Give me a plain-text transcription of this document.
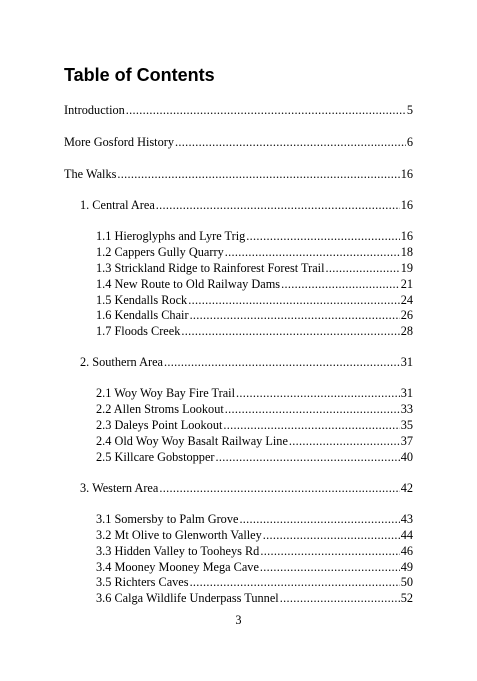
Table of Contents
Introduction .....	5
More Gosford History .....	6
The Walks .....	16
1. Central Area .....	16
1.1 Hieroglyphs and Lyre Trig .....	16
1.2 Cappers Gully Quarry .....	18
1.3 Strickland Ridge to Rainforest Forest Trail .....	19
1.4 New Route to Old Railway Dams .....	21
1.5 Kendalls Rock .....	24
1.6 Kendalls Chair .....	26
1.7 Floods Creek .....	28
2. Southern Area .....	31
2.1 Woy Woy Bay Fire Trail .....	31
2.2 Allen Stroms Lookout .....	33
2.3 Daleys Point Lookout .....	35
2.4 Old Woy Woy Basalt Railway Line .....	37
2.5 Killcare Gobstopper .....	40
3. Western Area .....	42
3.1 Somersby to Palm Grove .....	43
3.2 Mt Olive to Glenworth Valley .....	44
3.3 Hidden Valley to Tooheys Rd .....	46
3.4 Mooney Mooney Mega Cave .....	49
3.5 Richters Caves .....	50
3.6 Calga Wildlife Underpass Tunnel .....	52
3
